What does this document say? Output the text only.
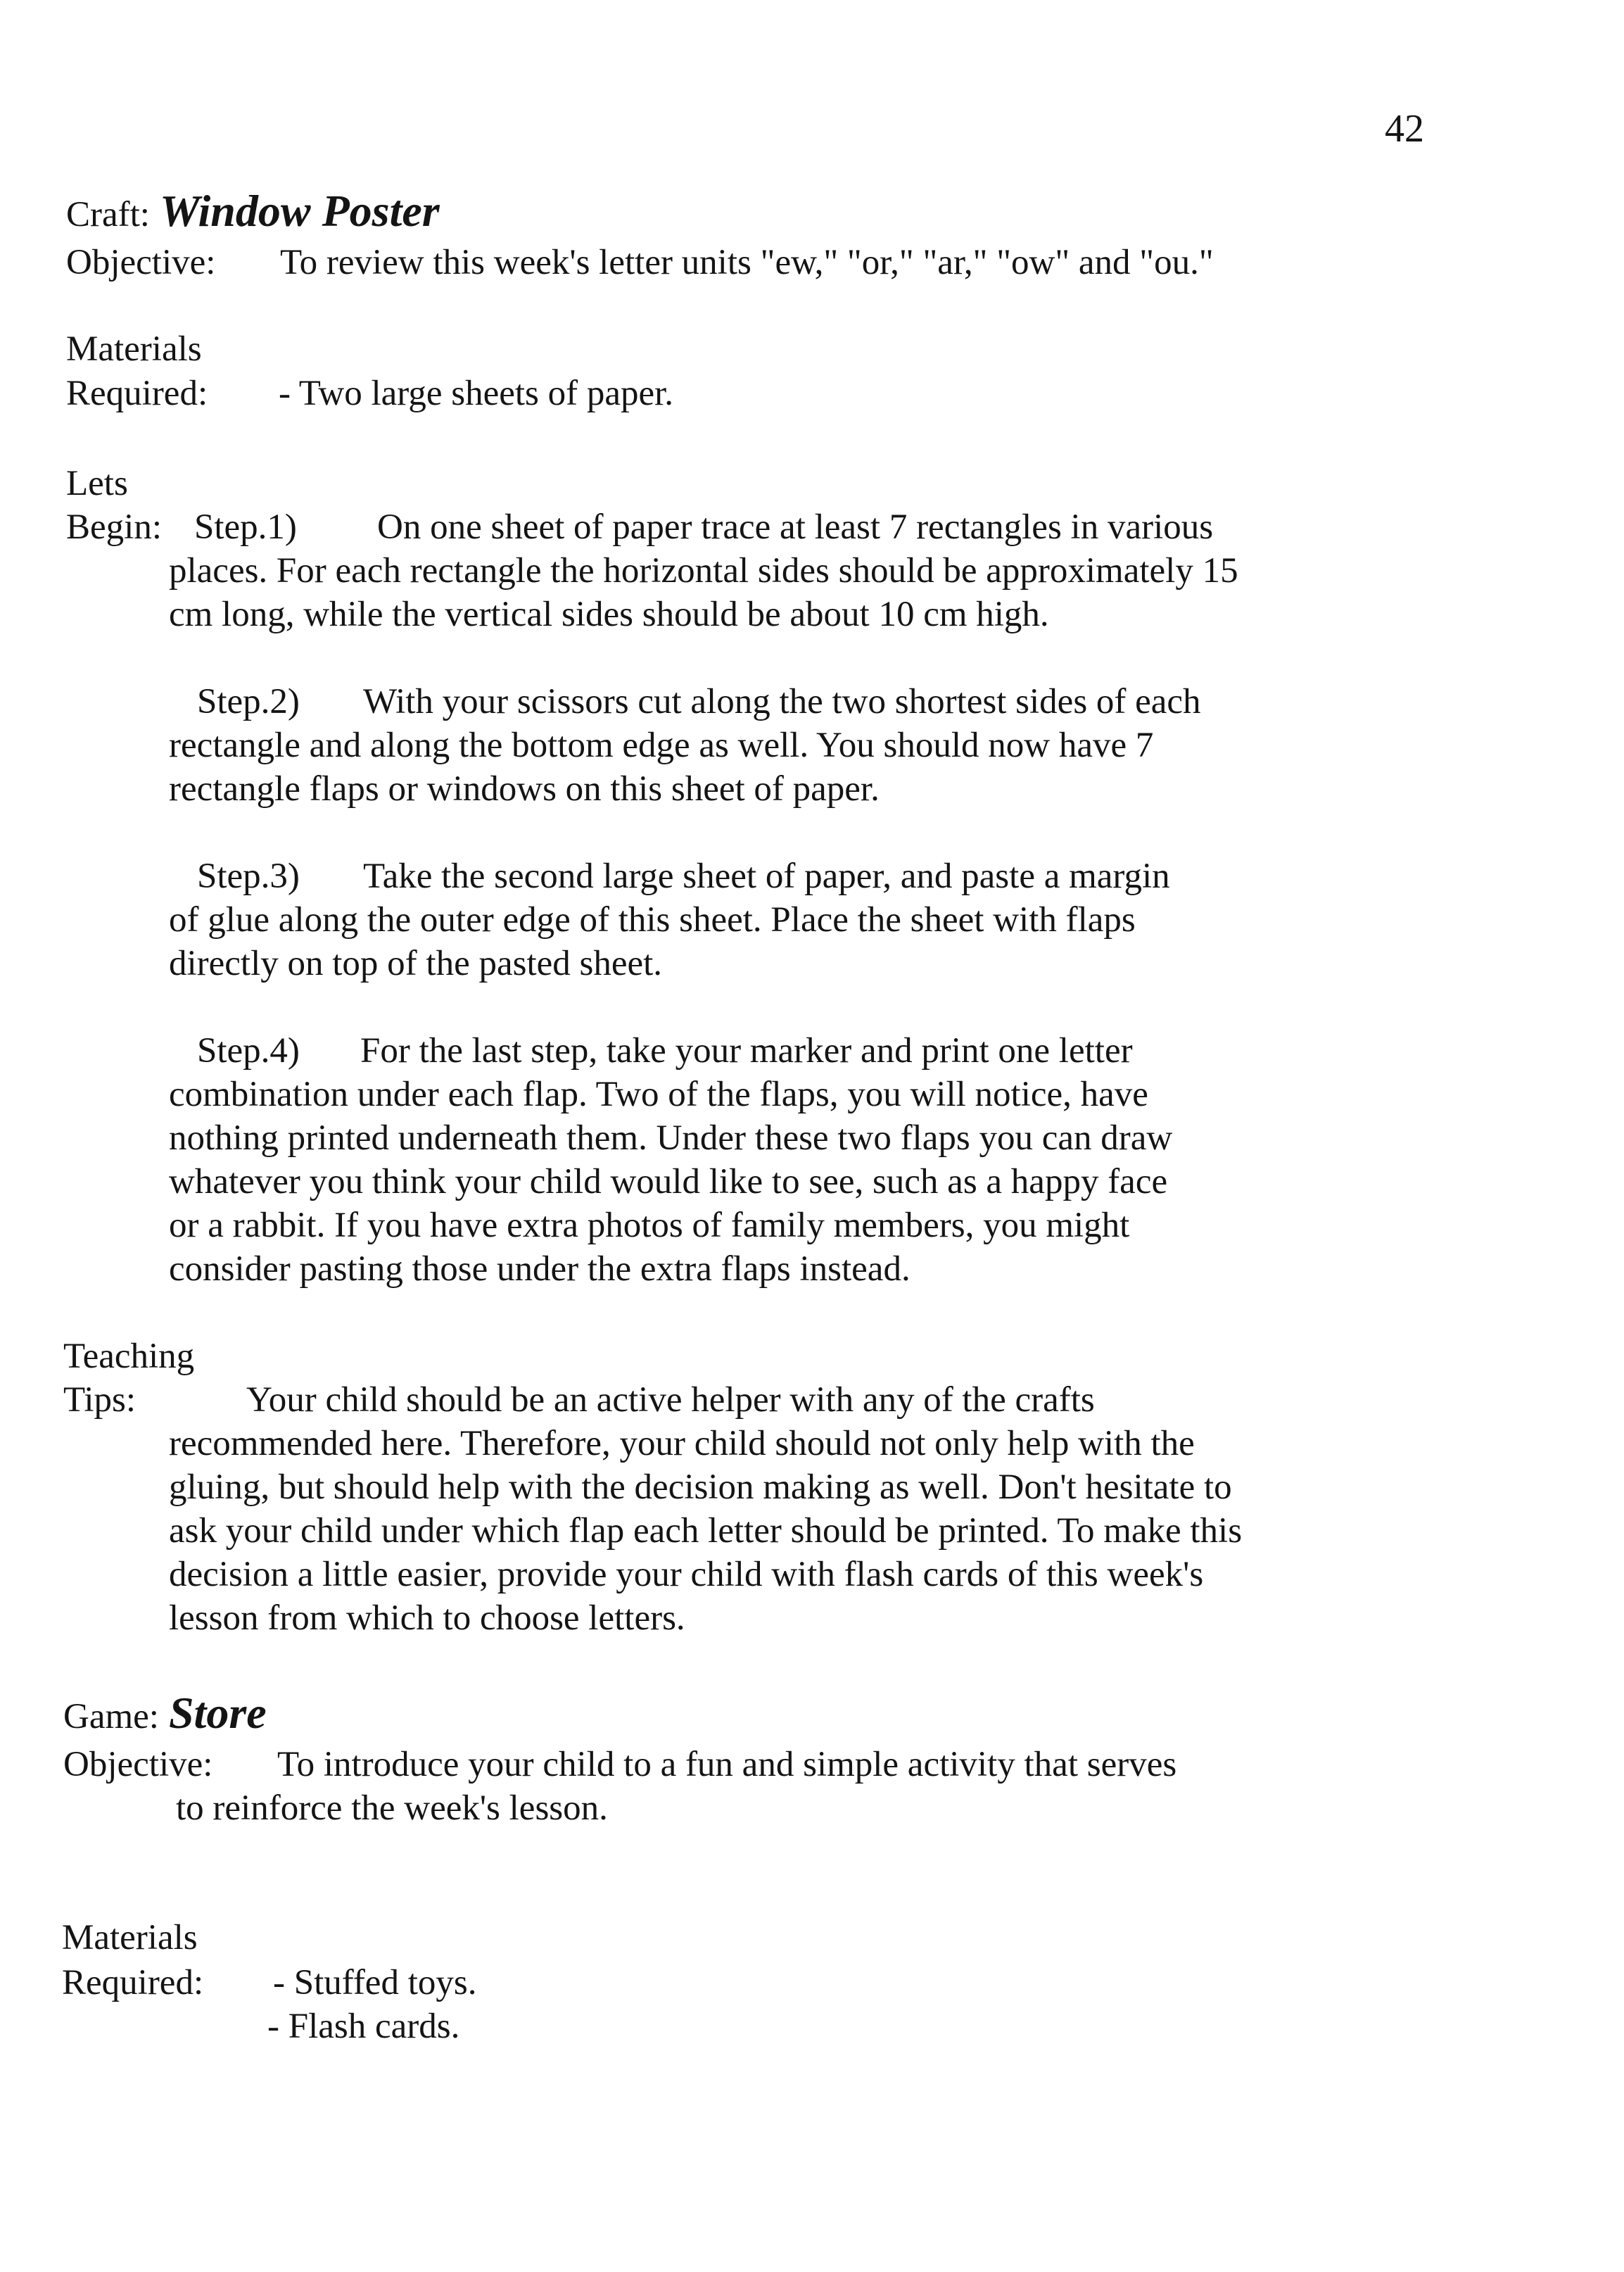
42
Craft: Window Poster
Objective: To review this week's letter units "ew," "or," "ar," "ow" and "ou."
Materials
Required: - Two large sheets of paper.
Lets
Begin: Step.1) On one sheet of paper trace at least 7 rectangles in various
places. For each rectangle the horizontal sides should be approximately 15
cm long, while the vertical sides should be about 10 cm high.
Step.2) With your scissors cut along the two shortest sides of each
rectangle and along the bottom edge as well. You should now have 7
rectangle flaps or windows on this sheet of paper.
Step.3) Take the second large sheet of paper, and paste a margin
of glue along the outer edge of this sheet. Place the sheet with flaps
directly on top of the pasted sheet.
Step.4) For the last step, take your marker and print one letter
combination under each flap. Two of the flaps, you will notice, have
nothing printed underneath them. Under these two flaps you can draw
whatever you think your child would like to see, such as a happy face
or a rabbit. If you have extra photos of family members, you might
consider pasting those under the extra flaps instead.
Teaching
Tips:	Your child should be an active helper with any of the crafts
recommended here. Therefore, your child should not only help with the
gluing, but should help with the decision making as well. Don't hesitate to
ask your child under which flap each letter should be printed. To make this
decision a little easier, provide your child with flash cards of this week's
lesson from which to choose letters.
Game: Store
Objective: To introduce your child to a fun and simple activity that serves
to reinforce the week's lesson.
Materials
Required: - Stuffed toys.
- Flash cards.
